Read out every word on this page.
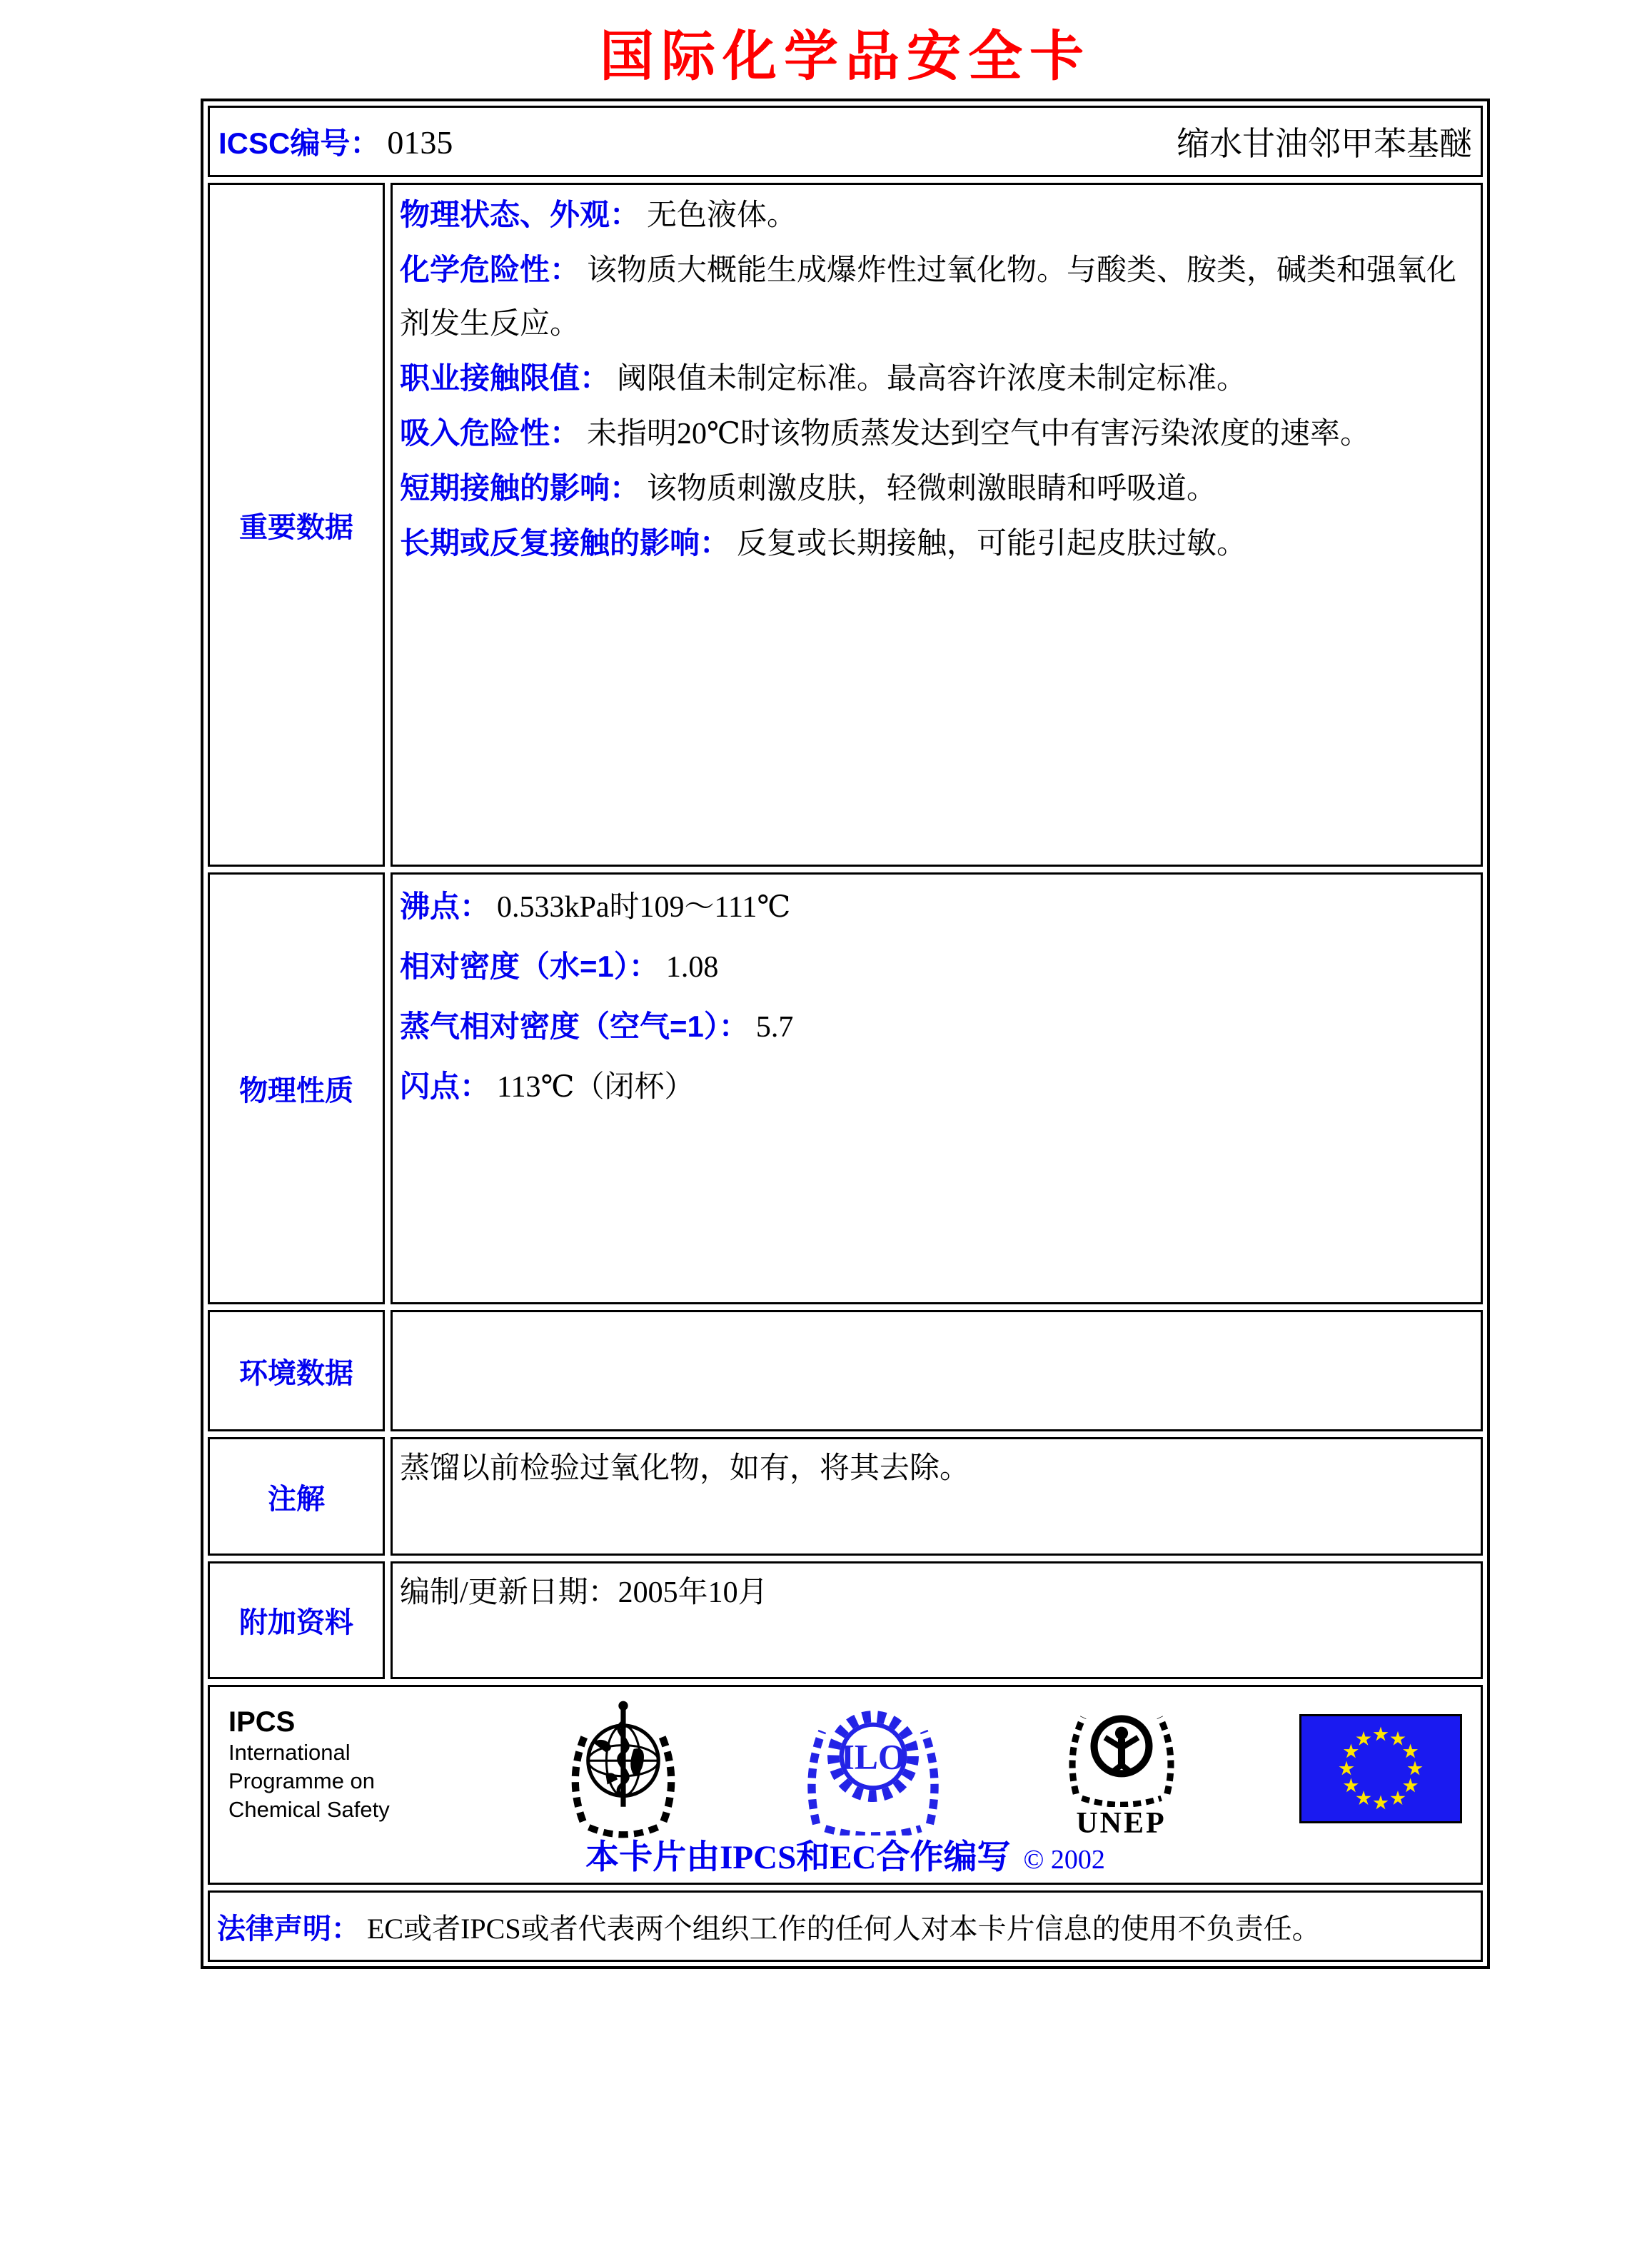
国际化学品安全卡
ICSC编号： 0135	缩水甘油邻甲苯基醚
重要数据

物理状态、外观： 无色液体。

化学危险性： 该物质大概能生成爆炸性过氧化物。与酸类、胺类，碱类和强氧化剂发生反应。

职业接触限值： 阈限值未制定标准。最高容许浓度未制定标准。

吸入危险性： 未指明20℃时该物质蒸发达到空气中有害污染浓度的速率。

短期接触的影响： 该物质刺激皮肤，轻微刺激眼睛和呼吸道。

长期或反复接触的影响： 反复或长期接触，可能引起皮肤过敏。

物理性质

沸点： 0.533kPa时109～111℃

相对密度（水=1）： 1.08

蒸气相对密度（空气=1）： 5.7

闪点： 113℃（闭杯）

环境数据
注解

蒸馏以前检验过氧化物，如有，将其去除。

附加资料

编制/更新日期：2005年10月

IPCS
International
Programme on
Chemical Safety
ILO
UNEP
本卡片由IPCS和EC合作编写 © 2002
法律声明： EC或者IPCS或者代表两个组织工作的任何人对本卡片信息的使用不负责任。
